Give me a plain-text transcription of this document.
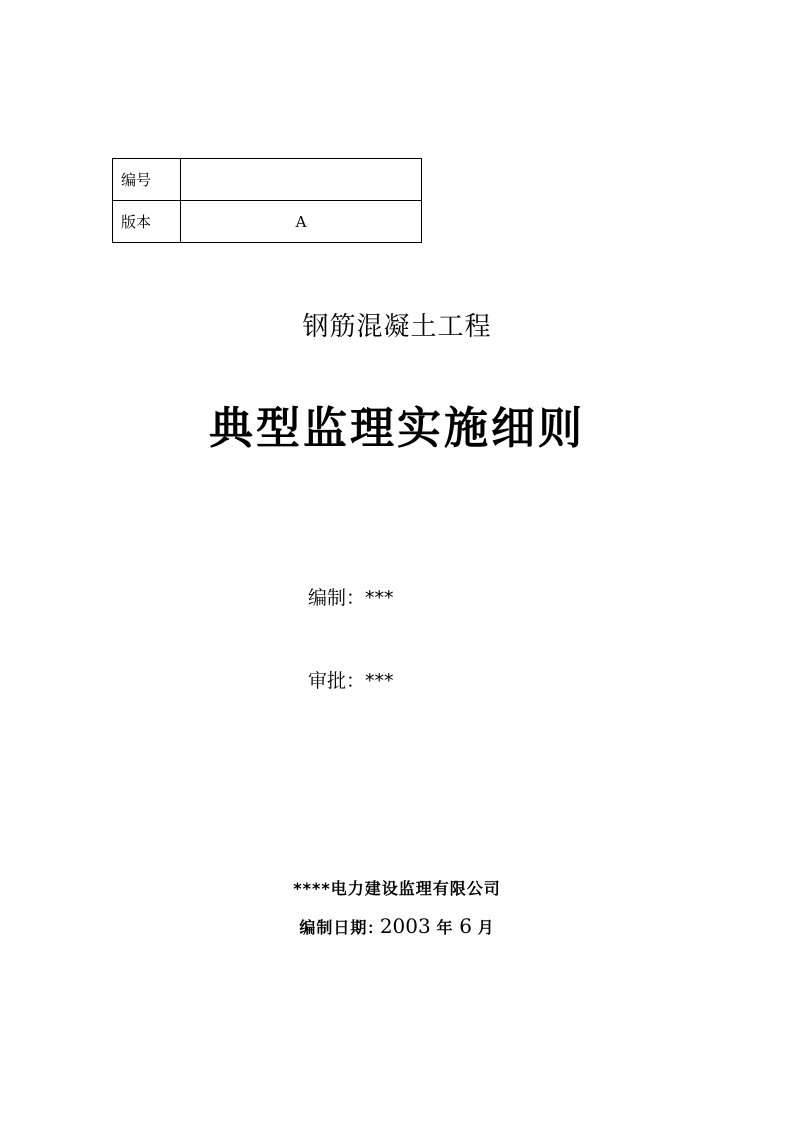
编号	
版本	A
钢筋混凝土工程
典型监理实施细则
编制：***
审批：***
****电力建设监理有限公司
编制日期: 2003 年 6 月
